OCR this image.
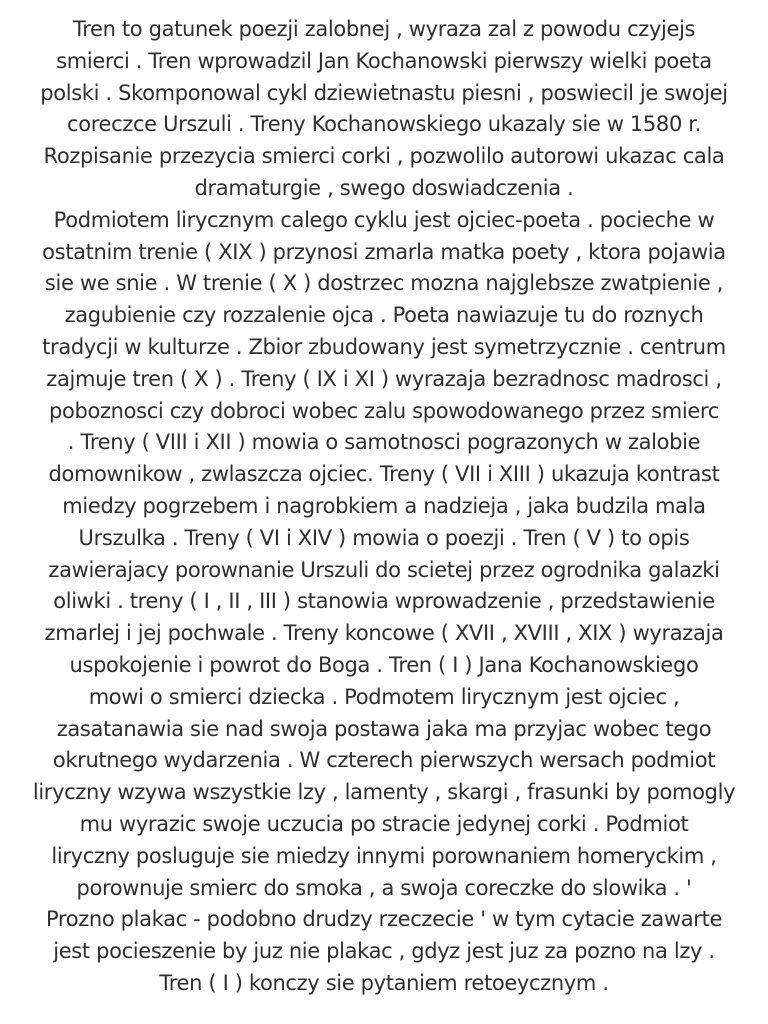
Tren to gatunek poezji zalobnej , wyraza zal z powodu czyjejs
smierci . Tren wprowadzil Jan Kochanowski pierwszy wielki poeta
polski . Skomponowal cykl dziewietnastu piesni , poswiecil je swojej
coreczce Urszuli . Treny Kochanowskiego ukazaly sie w 1580 r.
Rozpisanie przezycia smierci corki , pozwolilo autorowi ukazac cala
dramaturgie , swego doswiadczenia .
Podmiotem lirycznym calego cyklu jest ojciec-poeta . pocieche w
ostatnim trenie ( XIX ) przynosi zmarla matka poety , ktora pojawia
sie we snie . W trenie ( X ) dostrzec mozna najglebsze zwatpienie ,
zagubienie czy rozzalenie ojca . Poeta nawiazuje tu do roznych
tradycji w kulturze . Zbior zbudowany jest symetrzycznie . centrum
zajmuje tren ( X ) . Treny ( IX i XI ) wyrazaja bezradnosc madrosci ,
poboznosci czy dobroci wobec zalu spowodowanego przez smierc
. Treny ( VIII i XII ) mowia o samotnosci pograzonych w zalobie
domownikow , zwlaszcza ojciec. Treny ( VII i XIII ) ukazuja kontrast
miedzy pogrzebem i nagrobkiem a nadzieja , jaka budzila mala
Urszulka . Treny ( VI i XIV ) mowia o poezji . Tren ( V ) to opis
zawierajacy porownanie Urszuli do scietej przez ogrodnika galazki
oliwki . treny ( I , II , III ) stanowia wprowadzenie , przedstawienie
zmarlej i jej pochwale . Treny koncowe ( XVII , XVIII , XIX ) wyrazaja
uspokojenie i powrot do Boga . Tren ( I ) Jana Kochanowskiego
mowi o smierci dziecka . Podmotem lirycznym jest ojciec ,
zasatanawia sie nad swoja postawa jaka ma przyjac wobec tego
okrutnego wydarzenia . W czterech pierwszych wersach podmiot
liryczny wzywa wszystkie lzy , lamenty , skargi , frasunki by pomogly
mu wyrazic swoje uczucia po stracie jedynej corki . Podmiot
liryczny posluguje sie miedzy innymi porownaniem homeryckim ,
porownuje smierc do smoka , a swoja coreczke do slowika . '
Prozno plakac - podobno drudzy rzeczecie ' w tym cytacie zawarte
jest pocieszenie by juz nie plakac , gdyz jest juz za pozno na lzy .
Tren ( I ) konczy sie pytaniem retoeycznym .
